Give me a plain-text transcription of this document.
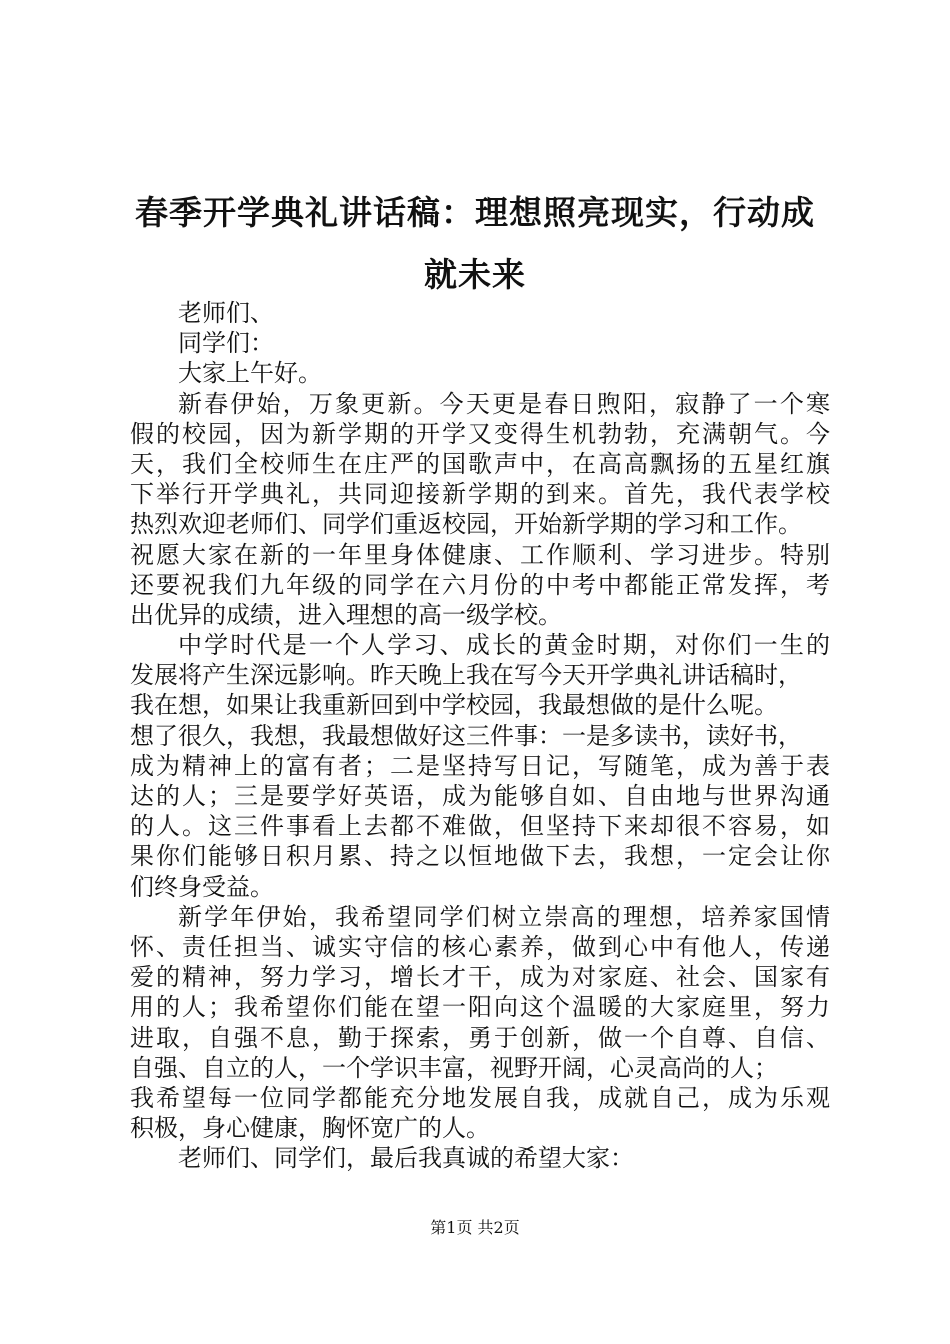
春季开学典礼讲话稿：理想照亮现实，行动成
就未来

老师们、

同学们：

大家上午好。

新春伊始，万象更新。今天更是春日煦阳，寂静了一个寒

假的校园，因为新学期的开学又变得生机勃勃，充满朝气。今

天，我们全校师生在庄严的国歌声中，在高高飘扬的五星红旗

下举行开学典礼，共同迎接新学期的到来。首先，我代表学校

热烈欢迎老师们、同学们重返校园，开始新学期的学习和工作。

祝愿大家在新的一年里身体健康、工作顺利、学习进步。特别

还要祝我们九年级的同学在六月份的中考中都能正常发挥，考

出优异的成绩，进入理想的高一级学校。

中学时代是一个人学习、成长的黄金时期，对你们一生的

发展将产生深远影响。昨天晚上我在写今天开学典礼讲话稿时，

我在想，如果让我重新回到中学校园，我最想做的是什么呢。

想了很久，我想，我最想做好这三件事：一是多读书，读好书，

成为精神上的富有者；二是坚持写日记，写随笔，成为善于表

达的人；三是要学好英语，成为能够自如、自由地与世界沟通

的人。这三件事看上去都不难做，但坚持下来却很不容易，如

果你们能够日积月累、持之以恒地做下去，我想，一定会让你

们终身受益。

新学年伊始，我希望同学们树立崇高的理想，培养家国情

怀、责任担当、诚实守信的核心素养，做到心中有他人，传递

爱的精神，努力学习，增长才干，成为对家庭、社会、国家有

用的人；我希望你们能在望一阳向这个温暖的大家庭里，努力

进取，自强不息，勤于探索，勇于创新，做一个自尊、自信、

自强、自立的人，一个学识丰富，视野开阔，心灵高尚的人；

我希望每一位同学都能充分地发展自我，成就自己，成为乐观

积极，身心健康，胸怀宽广的人。

老师们、同学们，最后我真诚的希望大家：

第1页 共2页
